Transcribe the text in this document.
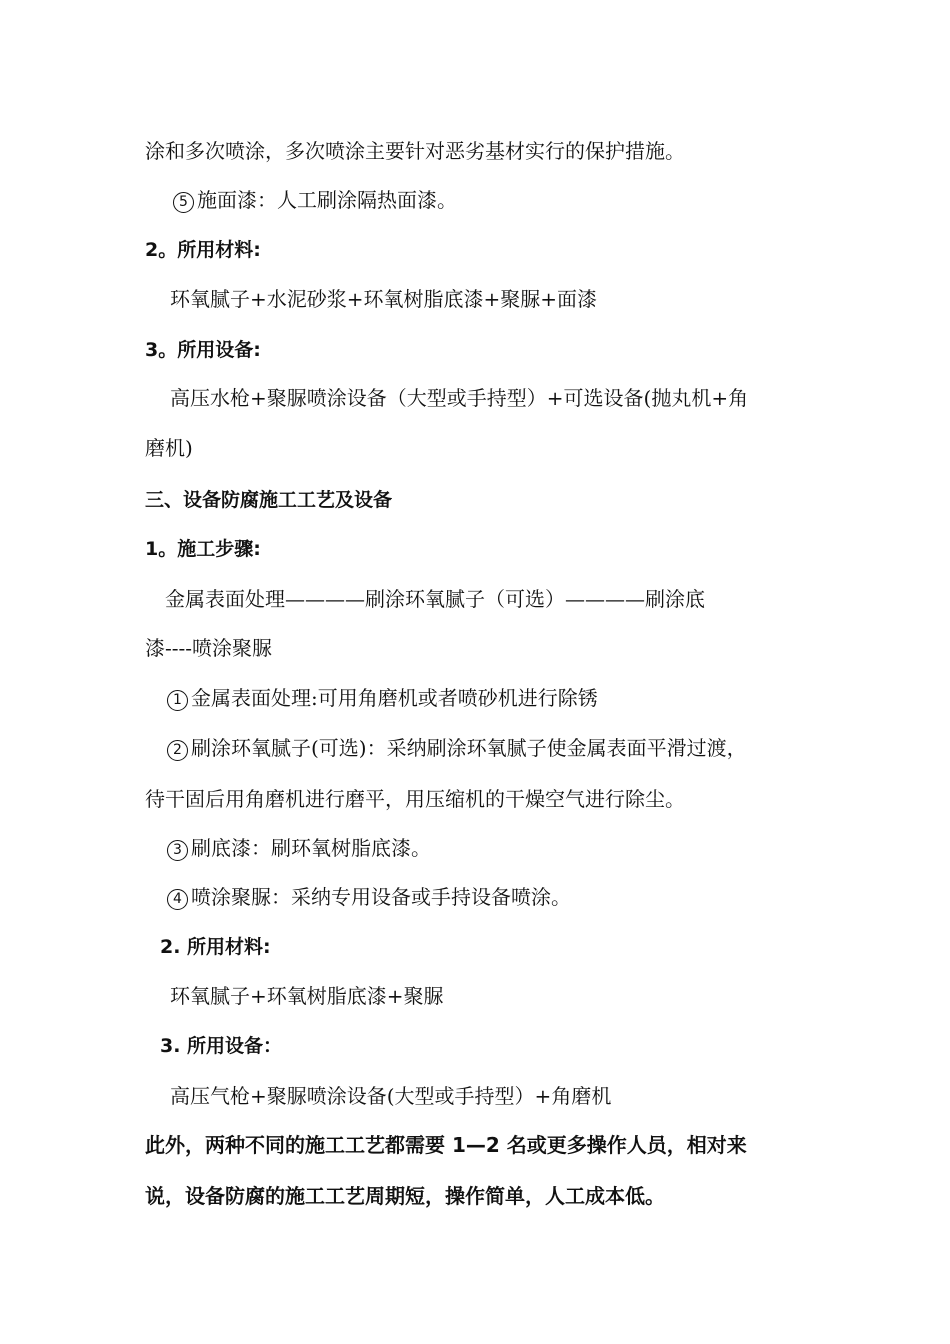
涂和多次喷涂，多次喷涂主要针对恶劣基材实行的保护措施。
5 施面漆：人工刷涂隔热面漆。
2。所用材料:
环氧腻子+水泥砂浆+环氧树脂底漆+聚脲+面漆
3。所用设备:
高压水枪+聚脲喷涂设备（大型或手持型）+可选设备(抛丸机+角
磨机)
三、设备防腐施工工艺及设备
1。施工步骤:
金属表面处理————刷涂环氧腻子（可选）————刷涂底
漆----喷涂聚脲
1 金属表面处理:可用角磨机或者喷砂机进行除锈
2 刷涂环氧腻子(可选)：采纳刷涂环氧腻子使金属表面平滑过渡，
待干固后用角磨机进行磨平，用压缩机的干燥空气进行除尘。
3 刷底漆：刷环氧树脂底漆。
4 喷涂聚脲：采纳专用设备或手持设备喷涂。
2. 所用材料:
环氧腻子+环氧树脂底漆+聚脲
3. 所用设备：
高压气枪+聚脲喷涂设备(大型或手持型）+角磨机
此外，两种不同的施工工艺都需要 1—2 名或更多操作人员，相对来
说，设备防腐的施工工艺周期短，操作简单，人工成本低。
